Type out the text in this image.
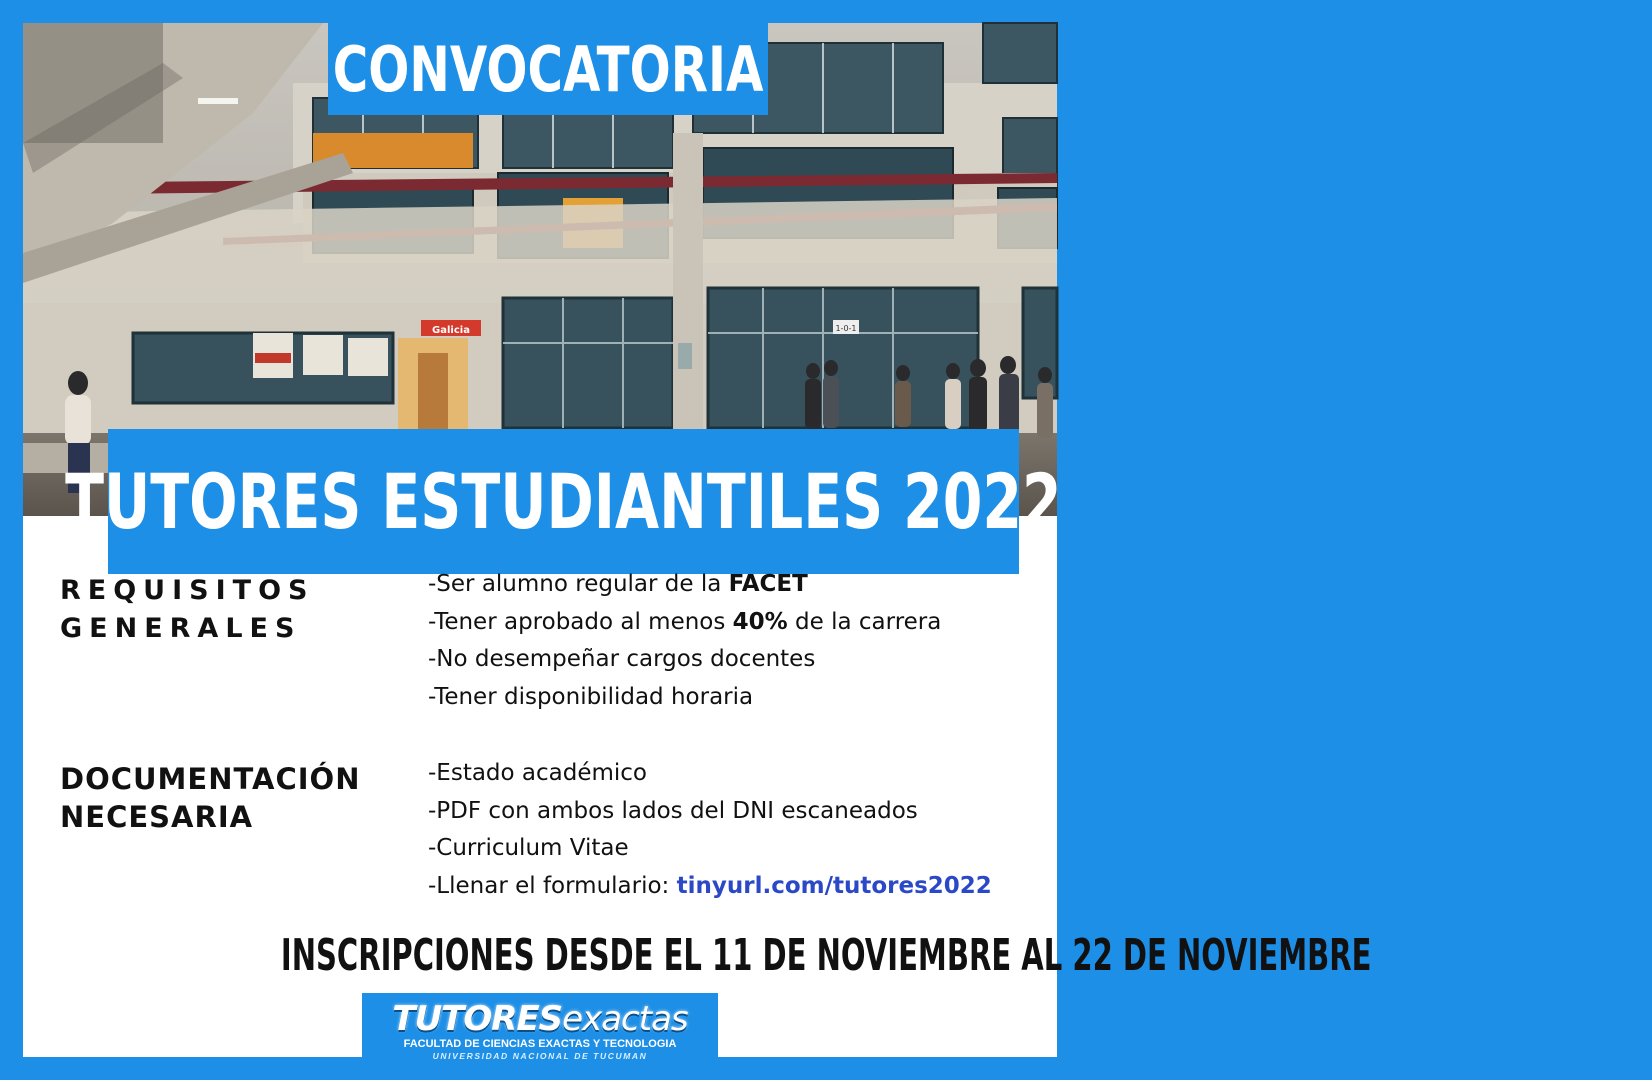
Galicia	1-0-1
CONVOCATORIA
TUTORES ESTUDIANTILES 2022
REQUISITOS
GENERALES
-Ser alumno regular de la FACET
-Tener aprobado al menos 40% de la carrera
-No desempeñar cargos docentes
-Tener disponibilidad horaria
DOCUMENTACIÓN
NECESARIA
-Estado académico
-PDF con ambos lados del DNI escaneados
-Curriculum Vitae
-Llenar el formulario: tinyurl.com/tutores2022
INSCRIPCIONES DESDE EL 11 DE NOVIEMBRE AL 22 DE NOVIEMBRE
TUTORESexactas
FACULTAD DE CIENCIAS EXACTAS Y TECNOLOGIA
UNIVERSIDAD NACIONAL DE TUCUMAN
